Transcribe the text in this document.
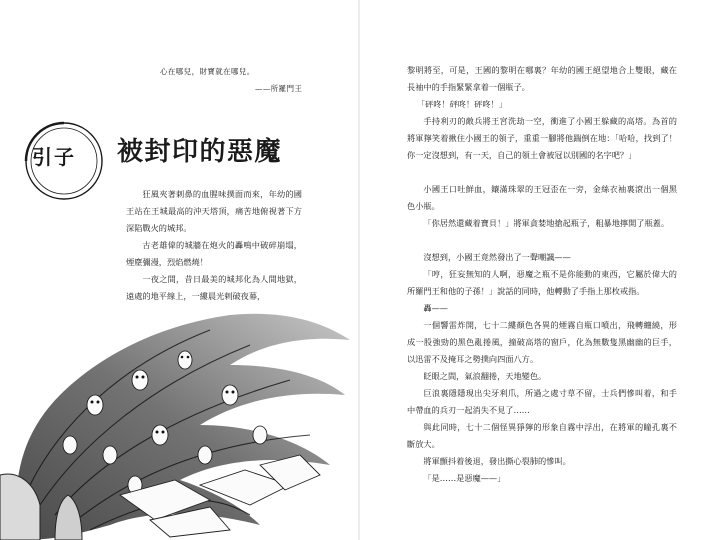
心在哪兒，財寶就在哪兒。
——所羅門王
引子 被封印的惡魔

狂風夾著刺鼻的血腥味撲面而來，年幼的國王站在王城最高的沖天塔頂，痛苦地俯視著下方深陷戰火的城邦。

古老雄偉的城牆在炮火的轟鳴中破碎崩塌，煙塵彌漫，烈焰燃燒！

一夜之間，昔日最美的城邦化為人間地獄，遠處的地平線上，一縷晨光剌破夜幕，

黎明將至，可是，王國的黎明在哪裏？年幼的國王絕望地合上雙眼，藏在長袖中的手指緊緊拿着一個瓶子。

「砰咚！砰咚！砰咚！」

手持利刃的敵兵將王宮洗劫一空，衝進了小國王躲藏的高塔。為首的將軍獰笑着揪住小國王的領子，重重一腳將他踹倒在地：「哈哈，找到了！你一定沒想到，有一天，自己的領土會被冠以別國的名字吧？」

小國王口吐鮮血，鑲滿珠翠的王冠歪在一旁，金絲衣袖裏滾出一個黑色小瓶。

「你居然還藏着寶貝！」將軍貪婪地搶起瓶子，粗暴地擰開了瓶蓋。

沒想到，小國王竟然發出了一聲嘲諷——

「哼，狂妄無知的人啊，惡魔之瓶不是你能動的東西，它屬於偉大的所羅門王和他的子孫！」說話的同時，他轉動了手指上那枚戒指。

轟——

一個響雷炸開，七十二縷顏色各異的煙霧自瓶口噴出，飛轉纏繞，形成一股強勁的黑色亂捲風，撞破高塔的窗戶，化為無數隻黑幽幽的巨手，以迅雷不及掩耳之勢撲向四面八方。

眨眼之間，氣浪翻捲，天地變色。

巨浪裏隱隱現出尖牙利爪，所過之處寸草不留，士兵們慘叫着，和手中帶血的兵刃一起消失不見了……

與此同時，七十二個怪異猙獰的形象自霧中浮出，在將軍的瞳孔裏不斷放大。

將軍顫抖着後退，發出撕心裂肺的慘叫。

「是……是惡魔——」
